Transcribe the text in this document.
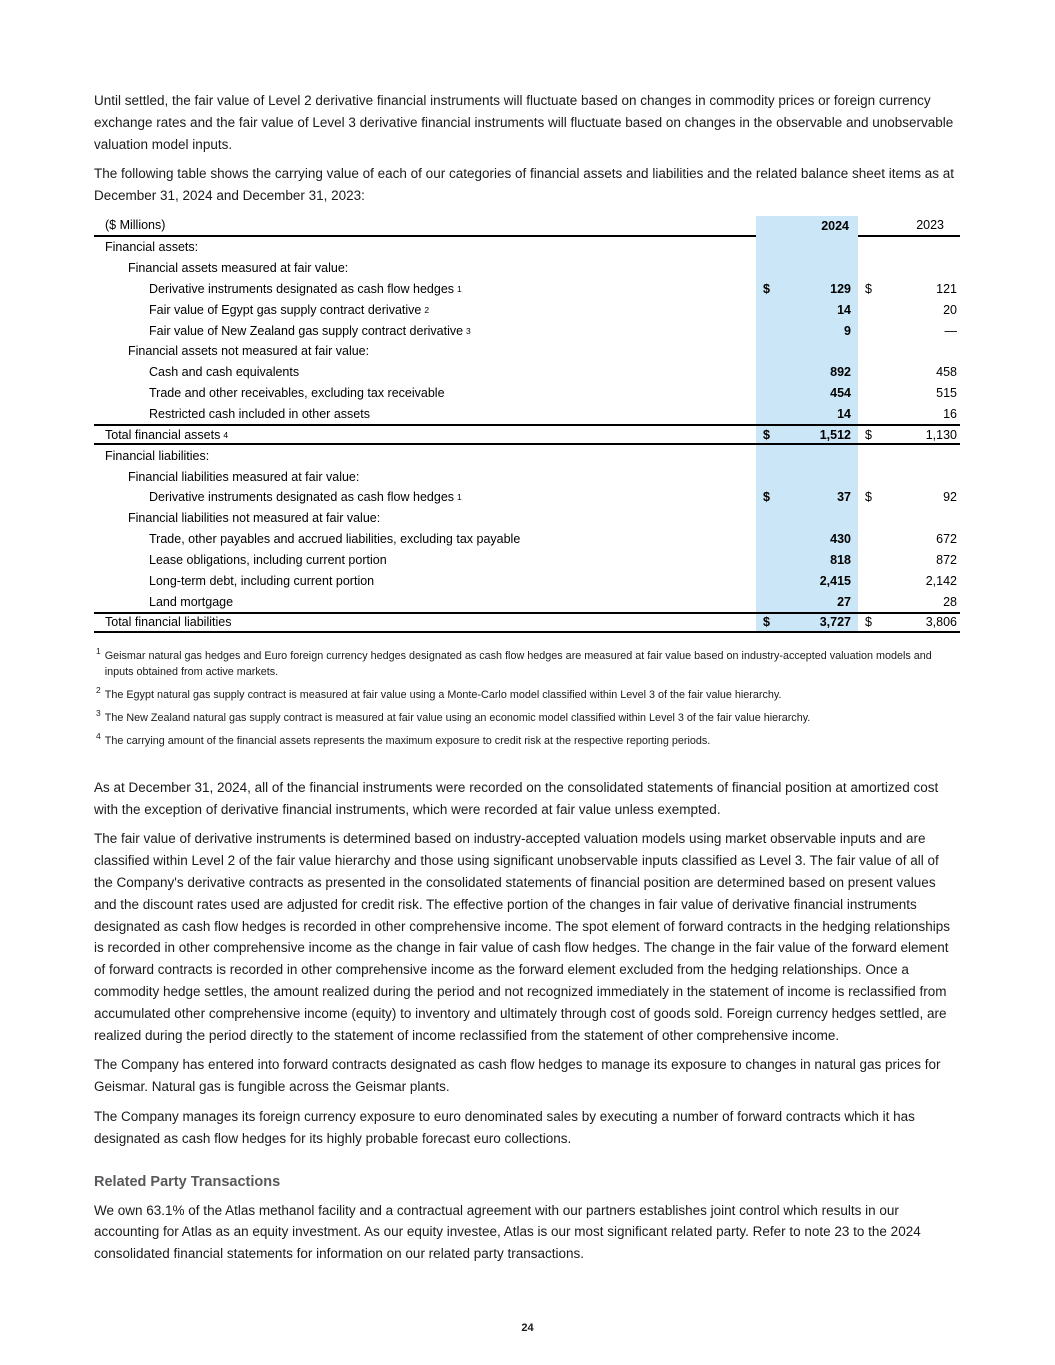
Until settled, the fair value of Level 2 derivative financial instruments will fluctuate based on changes in commodity prices or foreign currency exchange rates and the fair value of Level 3 derivative financial instruments will fluctuate based on changes in the observable and unobservable valuation model inputs.

The following table shows the carrying value of each of our categories of financial assets and liabilities and the related balance sheet items as at December 31, 2024 and December 31, 2023:

($ Millions)	2024	2023
Financial assets:
Financial assets measured at fair value:
Derivative instruments designated as cash flow hedges 1	$	129	$	121
Fair value of Egypt gas supply contract derivative 2	14	20
Fair value of New Zealand gas supply contract derivative 3	9	—
Financial assets not measured at fair value:
Cash and cash equivalents	892	458
Trade and other receivables, excluding tax receivable	454	515
Restricted cash included in other assets	14	16
Total financial assets 4	$	1,512	$	1,130
Financial liabilities:
Financial liabilities measured at fair value:
Derivative instruments designated as cash flow hedges 1	$	37	$	92
Financial liabilities not measured at fair value:
Trade, other payables and accrued liabilities, excluding tax payable	430	672
Lease obligations, including current portion	818	872
Long-term debt, including current portion	2,415	2,142
Land mortgage	27	28
Total financial liabilities	$	3,727	$	3,806
1 Geismar natural gas hedges and Euro foreign currency hedges designated as cash flow hedges are measured at fair value based on industry-accepted valuation models and inputs obtained from active markets.
2 The Egypt natural gas supply contract is measured at fair value using a Monte-Carlo model classified within Level 3 of the fair value hierarchy.
3 The New Zealand natural gas supply contract is measured at fair value using an economic model classified within Level 3 of the fair value hierarchy.
4 The carrying amount of the financial assets represents the maximum exposure to credit risk at the respective reporting periods.

As at December 31, 2024, all of the financial instruments were recorded on the consolidated statements of financial position at amortized cost with the exception of derivative financial instruments, which were recorded at fair value unless exempted.

The fair value of derivative instruments is determined based on industry-accepted valuation models using market observable inputs and are classified within Level 2 of the fair value hierarchy and those using significant unobservable inputs classified as Level 3. The fair value of all of the Company's derivative contracts as presented in the consolidated statements of financial position are determined based on present values and the discount rates used are adjusted for credit risk. The effective portion of the changes in fair value of derivative financial instruments designated as cash flow hedges is recorded in other comprehensive income. The spot element of forward contracts in the hedging relationships is recorded in other comprehensive income as the change in fair value of cash flow hedges. The change in the fair value of the forward element of forward contracts is recorded in other comprehensive income as the forward element excluded from the hedging relationships. Once a commodity hedge settles, the amount realized during the period and not recognized immediately in the statement of income is reclassified from accumulated other comprehensive income (equity) to inventory and ultimately through cost of goods sold. Foreign currency hedges settled, are realized during the period directly to the statement of income reclassified from the statement of other comprehensive income.

The Company has entered into forward contracts designated as cash flow hedges to manage its exposure to changes in natural gas prices for Geismar. Natural gas is fungible across the Geismar plants.

The Company manages its foreign currency exposure to euro denominated sales by executing a number of forward contracts which it has designated as cash flow hedges for its highly probable forecast euro collections.

Related Party Transactions

We own 63.1% of the Atlas methanol facility and a contractual agreement with our partners establishes joint control which results in our accounting for Atlas as an equity investment. As our equity investee, Atlas is our most significant related party. Refer to note 23 to the 2024 consolidated financial statements for information on our related party transactions.

24
